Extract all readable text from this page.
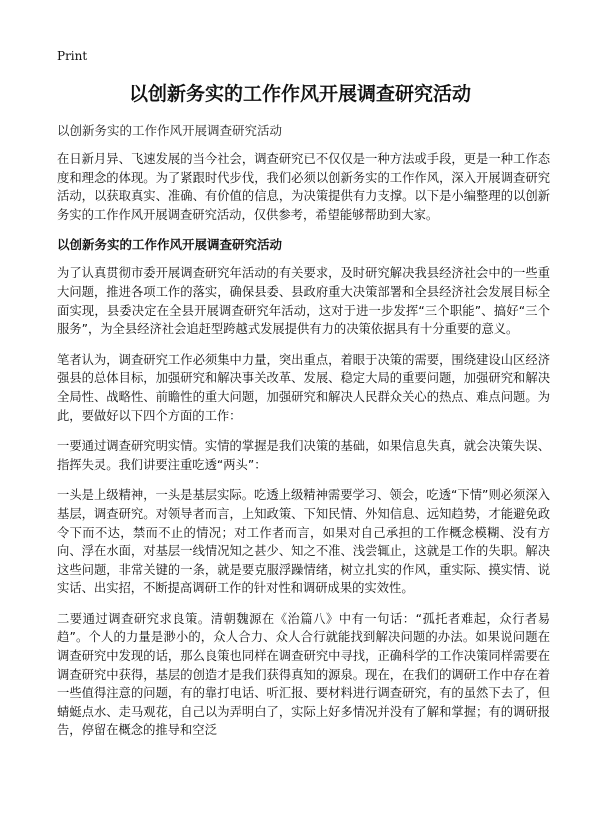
Print
以创新务实的工作作风开展调查研究活动
以创新务实的工作作风开展调查研究活动

在日新月异、飞速发展的当今社会，调查研究已不仅仅是一种方法或手段，更是一种工作态度和理念的体现。为了紧跟时代步伐，我们必须以创新务实的工作作风，深入开展调查研究活动，以获取真实、准确、有价值的信息，为决策提供有力支撑。以下是小编整理的以创新务实的工作作风开展调查研究活动，仅供参考，希望能够帮助到大家。

以创新务实的工作作风开展调查研究活动

为了认真贯彻市委开展调查研究年活动的有关要求，及时研究解决我县经济社会中的一些重大问题，推进各项工作的落实，确保县委、县政府重大决策部署和全县经济社会发展目标全面实现，县委决定在全县开展调查研究年活动，这对于进一步发挥“三个职能”、搞好“三个服务”，为全县经济社会追赶型跨越式发展提供有力的决策依据具有十分重要的意义。

笔者认为，调查研究工作必须集中力量，突出重点，着眼于决策的需要，围绕建设山区经济强县的总体目标，加强研究和解决事关改革、发展、稳定大局的重要问题，加强研究和解决全局性、战略性、前瞻性的重大问题，加强研究和解决人民群众关心的热点、难点问题。为此，要做好以下四个方面的工作：

一要通过调查研究明实情。实情的掌握是我们决策的基础，如果信息失真，就会决策失误、指挥失灵。我们讲要注重吃透“两头”：

一头是上级精神，一头是基层实际。吃透上级精神需要学习、领会，吃透“下情”则必须深入基层，调查研究。对领导者而言，上知政策、下知民情、外知信息、远知趋势，才能避免政令下而不达，禁而不止的情况；对工作者而言，如果对自己承担的工作概念模糊、没有方向、浮在水面，对基层一线情况知之甚少、知之不准、浅尝辄止，这就是工作的失职。解决这些问题，非常关键的一条，就是要克服浮躁情绪，树立扎实的作风，重实际、摸实情、说实话、出实招，不断提高调研工作的针对性和调研成果的实效性。

二要通过调查研究求良策。清朝魏源在《治篇八》中有一句话：“孤托者难起，众行者易趋”。个人的力量是渺小的，众人合力、众人合行就能找到解决问题的办法。如果说问题在调查研究中发现的话，那么良策也同样在调查研究中寻找，正确科学的工作决策同样需要在调查研究中获得，基层的创造才是我们获得真知的源泉。现在，在我们的调研工作中存在着一些值得注意的问题，有的靠打电话、听汇报、要材料进行调查研究，有的虽然下去了，但蜻蜓点水、走马观花，自己以为弄明白了，实际上好多情况并没有了解和掌握；有的调研报告，停留在概念的推导和空泛
